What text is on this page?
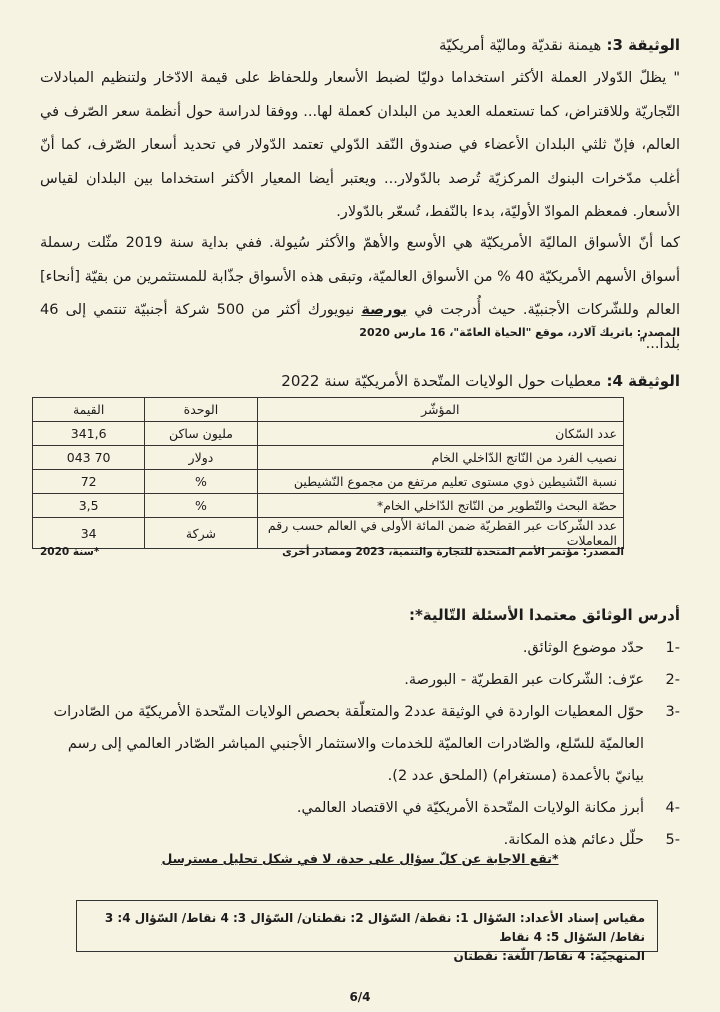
الوثيقة 3: هيمنة نقديّة وماليّة أمريكيّة

" يظلّ الدّولار العملة الأكثر استخداما دوليّا لضبط الأسعار وللحفاظ على قيمة الادّخار ولتنظيم المبادلات التّجاريّة وللاقتراض، كما تستعمله العديد من البلدان كعملة لها... ووفقا لدراسة حول أنظمة سعر الصّرف في العالم، فإنّ ثلثي البلدان الأعضاء في صندوق النّقد الدّولي تعتمد الدّولار في تحديد أسعار الصّرف، كما أنّ أغلب مدّخرات البنوك المركزيّة تُرصد بالدّولار... ويعتبر أيضا المعيار الأكثر استخداما بين البلدان لقياس الأسعار. فمعظم الموادّ الأوليّة، بدءا بالنّفط، تُسعّر بالدّولار.

كما أنّ الأسواق الماليّة الأمريكيّة هي الأوسع والأهمّ والأكثر سُيولة. ففي بداية سنة 2019 مثّلت رسملة أسواق الأسهم الأمريكيّة 40 % من الأسواق العالميّة، وتبقى هذه الأسواق جذّابة للمستثمرين من بقيّة [أنحاء] العالم وللشّركات الأجنبيّة. حيث أُدرجت في بورصة نيويورك أكثر من 500 شركة أجنبيّة تنتمي إلى 46 بلدا..."

المصدر: باتريك آلارد، موقع "الحياة العامّة"، 16 مارس 2020
الوثيقة 4: معطيات حول الولايات المتّحدة الأمريكيّة سنة 2022
المؤشّر	الوحدة	القيمة
عدد السّكان	مليون ساكن	341,6
نصيب الفرد من النّاتج الدّاخلي الخام	دولار	70 043
نسبة النّشيطين ذوي مستوى تعليم مرتفع من مجموع النّشيطين	%	72
حصّة البحث والتّطوير من النّاتج الدّاخلي الخام*	%	3,5
عدد الشّركات عبر القطريّة ضمن المائة الأولى في العالم حسب رقم المعاملات	شركة	34
المصدر: مؤتمر الأمم المتحدة للتجارة والتنمية، 2023 ومصادر أخرى
*سنة 2020
أدرس الوثائق معتمدا الأسئلة التّالية*:
-1
حدّد موضوع الوثائق.
-2
عرّف: الشّركات عبر القطريّة - البورصة.
-3
حوّل المعطيات الواردة في الوثيقة عدد2 والمتعلّقة بحصص الولايات المتّحدة الأمريكيّة من الصّادرات العالميّة للسّلع، والصّادرات العالميّة للخدمات والاستثمار الأجنبي المباشر الصّادر العالمي إلى رسم بيانيّ بالأعمدة (مستغرام) (الملحق عدد 2).
-4
أبرز مكانة الولايات المتّحدة الأمريكيّة في الاقتصاد العالمي.
-5
حلّل دعائم هذه المكانة.
*تقع الاجابة عن كلّ سؤال على حدة، لا في شكل تحليل مسترسل
مقياس إسناد الأعداد: السّؤال 1: نقطة/ السّؤال 2: نقطتان/ السّؤال 3: 4 نقاط/ السّؤال 4: 3 نقاط/ السّؤال 5: 4 نقاط
المنهجيّة: 4 نقاط/ اللّغة: نقطتان
6/4
